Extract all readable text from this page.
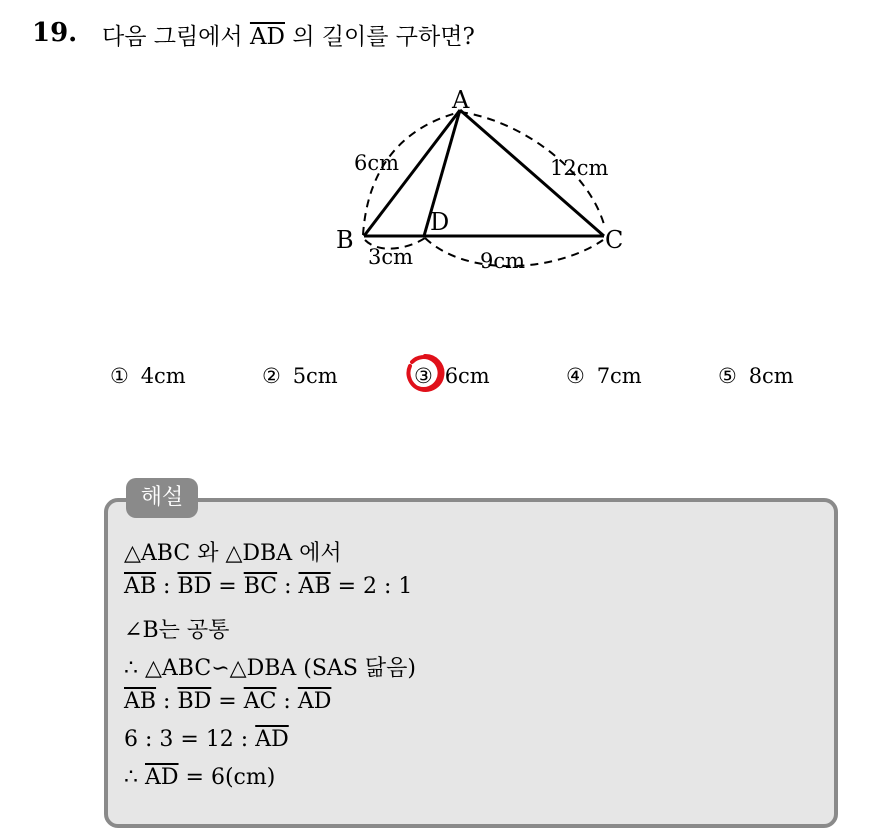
19. 다음 그림에서 $\overline{AD}$ 의 길이를 구하면?
A
B	C
D
6cm	12cm
3cm	9cm
① 4cm	② 5cm	③ 6cm	④ 7cm	⑤ 8cm
해설
△ABC 와 △DBA 에서
$\overline{AB}$ : $\overline{BD} = \overline{BC}$ : $\overline{AB} = 2$ : 1
∠B는 공통
∴ △ABC∽△DBA (SAS 닮음)
$\overline{AB}$ : $\overline{BD} = \overline{AC}$ : $\overline{AD}$
6 : 3 = 12 : $\overline{AD}$
∴ $\overline{AD} = 6(cm)$
